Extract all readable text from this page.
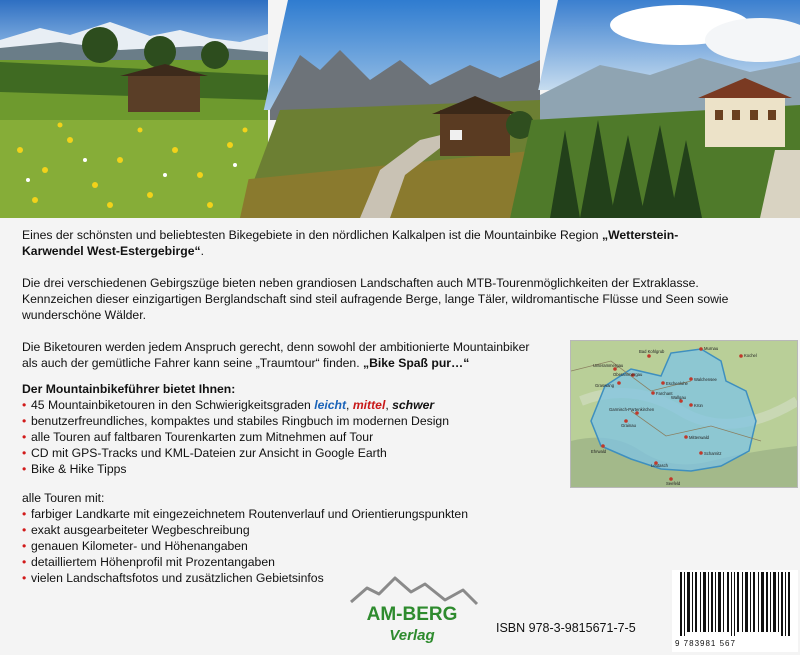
Eines der schönsten und beliebtesten Bikegebiete in den nördlichen Kalkalpen ist die Mountainbike Region „Wetterstein-
Karwendel West-Estergebirge“.
Die drei verschiedenen Gebirgszüge bieten neben grandiosen Landschaften auch MTB-Tourenmöglichkeiten der Extraklasse.
Kennzeichen dieser einzigartigen Berglandschaft sind steil aufragende Berge, lange Täler, wildromantische Flüsse und Seen sowie
wunderschöne Wälder.
Die Biketouren werden jedem Anspruch gerecht, denn sowohl der ambitionierte Mountainbiker
als auch der gemütliche Fahrer kann seine „Traumtour“ finden. „Bike Spaß pur…“
Der Mountainbikeführer bietet Ihnen:
• 45 Mountainbiketouren in den Schwierigkeitsgraden leicht, mittel, schwer
• benutzerfreundliches, kompaktes und stabiles Ringbuch im modernen Design
• alle Touren auf faltbaren Tourenkarten zum Mitnehmen auf Tour
• CD mit GPS-Tracks und KML-Dateien zur Ansicht in Google Earth
• Bike & Hike Tipps
alle Touren mit:
• farbiger Landkarte mit eingezeichnetem Routenverlauf und Orientierungspunkten
• exakt ausgearbeiteter Wegbeschreibung
• genauen Kilometer- und Höhenangaben
• detailliertem Höhenprofil mit Prozentangaben
• vielen Landschaftsfotos und zusätzlichen Gebietsinfos
Murnau
Bad Kohlgrub
Kochel
Unterammergau
Oberammergau
Graswang	Eschenlohe
Walchensee
Farchant
Garmisch-Partenkirchen
Krün
Wallgau
Ehrwald
Grainau
Mittenwald
Scharnitz
Leutasch
Seefeld
AM-BERG
Verlag	ISBN 978-3-9815671-7-5
9 783981 567
